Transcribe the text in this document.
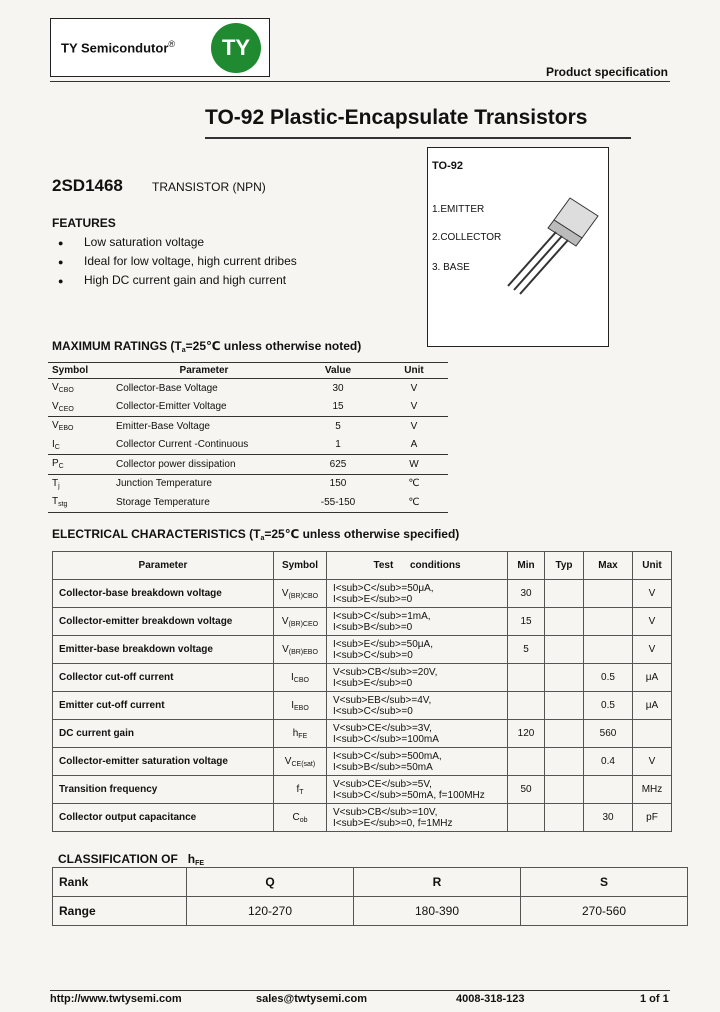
TY Semicondutor®	TY
Product specification
TO-92 Plastic-Encapsulate Transistors
2SD1468 TRANSISTOR (NPN)
TO-92
1.EMITTER
2.COLLECTOR
3. BASE
FEATURES
● Low saturation voltage
● Ideal for low voltage, high current dribes
● High DC current gain and high current
MAXIMUM RATINGS ($T_a=25℃$ unless otherwise noted)
Symbol	Parameter	Value	Unit
$V_{CBO}$	Collector-Base Voltage	30	V
$V_{CEO}$	Collector-Emitter Voltage	15	V
$V_{EBO}$	Emitter-Base Voltage	5	V
$I_C$	Collector Current -Continuous	1	A
$P_C$	Collector power dissipation	625	W
$T_j$	Junction Temperature	150	℃
$T_{stg}$	Storage Temperature	-55-150	℃
ELECTRICAL CHARACTERISTICS ($T_a=25℃$ unless otherwise specified)
Parameter	Symbol	Test      conditions	Min	Typ	Max	Unit
Collector-base breakdown voltage	$V_{(BR)CBO}$	I<sub>C</sub>=50μA, I<sub>E</sub>=0	30			V
Collector-emitter breakdown voltage	$V_{(BR)CEO}$	I<sub>C</sub>=1mA, I<sub>B</sub>=0	15			V
Emitter-base breakdown voltage	$V_{(BR)EBO}$	I<sub>E</sub>=50μA, I<sub>C</sub>=0	5			V
Collector cut-off current	$I_{CBO}$	V<sub>CB</sub>=20V, I<sub>E</sub>=0			0.5	μA
Emitter cut-off current	$I_{EBO}$	V<sub>EB</sub>=4V, I<sub>C</sub>=0			0.5	μA
DC current gain	$h_{FE}$	V<sub>CE</sub>=3V, I<sub>C</sub>=100mA	120		560	
Collector-emitter saturation voltage	$V_{CE(sat)}$	I<sub>C</sub>=500mA, I<sub>B</sub>=50mA			0.4	V
Transition frequency	$f_T$	V<sub>CE</sub>=5V, I<sub>C</sub>=50mA, f=100MHz	50			MHz
Collector output capacitance	$C_{ob}$	V<sub>CB</sub>=10V, I<sub>E</sub>=0, f=1MHz			30	pF
CLASSIFICATION OF $h_{FE}$
Rank	Q	R	S
Range	120-270	180-390	270-560
http://www.twtysemi.com	sales@twtysemi.com	4008-318-123	1 of 1
